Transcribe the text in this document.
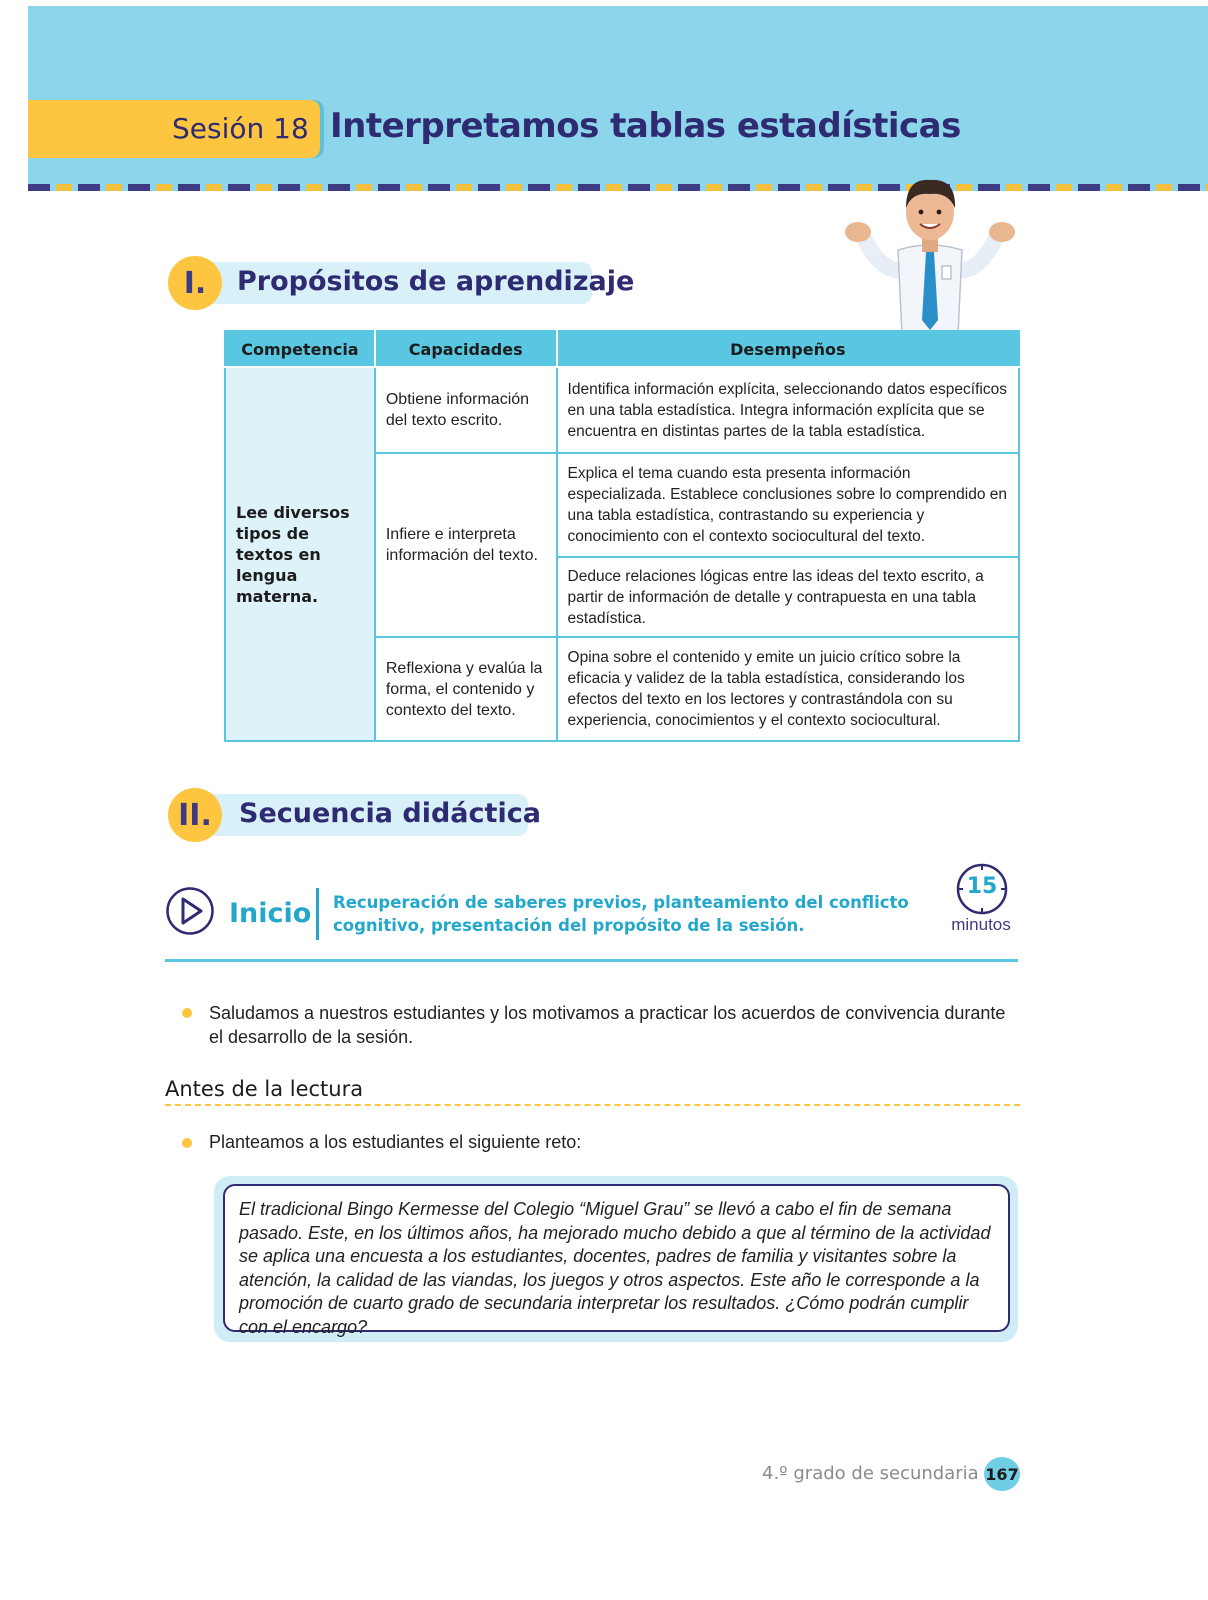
Sesión 18 Interpretamos tablas estadísticas
I.	Propósitos de aprendizaje
Competencia	Capacidades	Desempeños
Lee diversos tipos de textos en lengua materna.	Obtiene información del texto escrito.	Identifica información explícita, seleccionando datos específicos en una tabla estadística. Integra información explícita que se encuentra en distintas partes de la tabla estadística.
	Infiere e interpreta información del texto.	Explica el tema cuando esta presenta información especializada. Establece conclusiones sobre lo comprendido en una tabla estadística, contrastando su experiencia y conocimiento con el contexto sociocultural del texto.
		Deduce relaciones lógicas entre las ideas del texto escrito, a partir de información de detalle y contrapuesta en una tabla estadística.
	Reflexiona y evalúa la forma, el contenido y contexto del texto.	Opina sobre el contenido y emite un juicio crítico sobre la eficacia y validez de la tabla estadística, considerando los efectos del texto en los lectores y contrastándola con su experiencia, conocimientos y el contexto sociocultural.
II.	Secuencia didáctica
Inicio Recuperación de saberes previos, planteamiento del conflicto
cognitivo, presentación del propósito de la sesión.
15
minutos
Saludamos a nuestros estudiantes y los motivamos a practicar los acuerdos de convivencia durante el desarrollo de la sesión.
Antes de la lectura
Planteamos a los estudiantes el siguiente reto:
El tradicional Bingo Kermesse del Colegio “Miguel Grau” se llevó a cabo el fin de semana pasado. Este, en los últimos años, ha mejorado mucho debido a que al término de la actividad se aplica una encuesta a los estudiantes, docentes, padres de familia y visitantes sobre la atención, la calidad de las viandas, los juegos y otros aspectos. Este año le corresponde a la promoción de cuarto grado de secundaria interpretar los resultados. ¿Cómo podrán cumplir con el encargo?
4.º grado de secundaria 167
